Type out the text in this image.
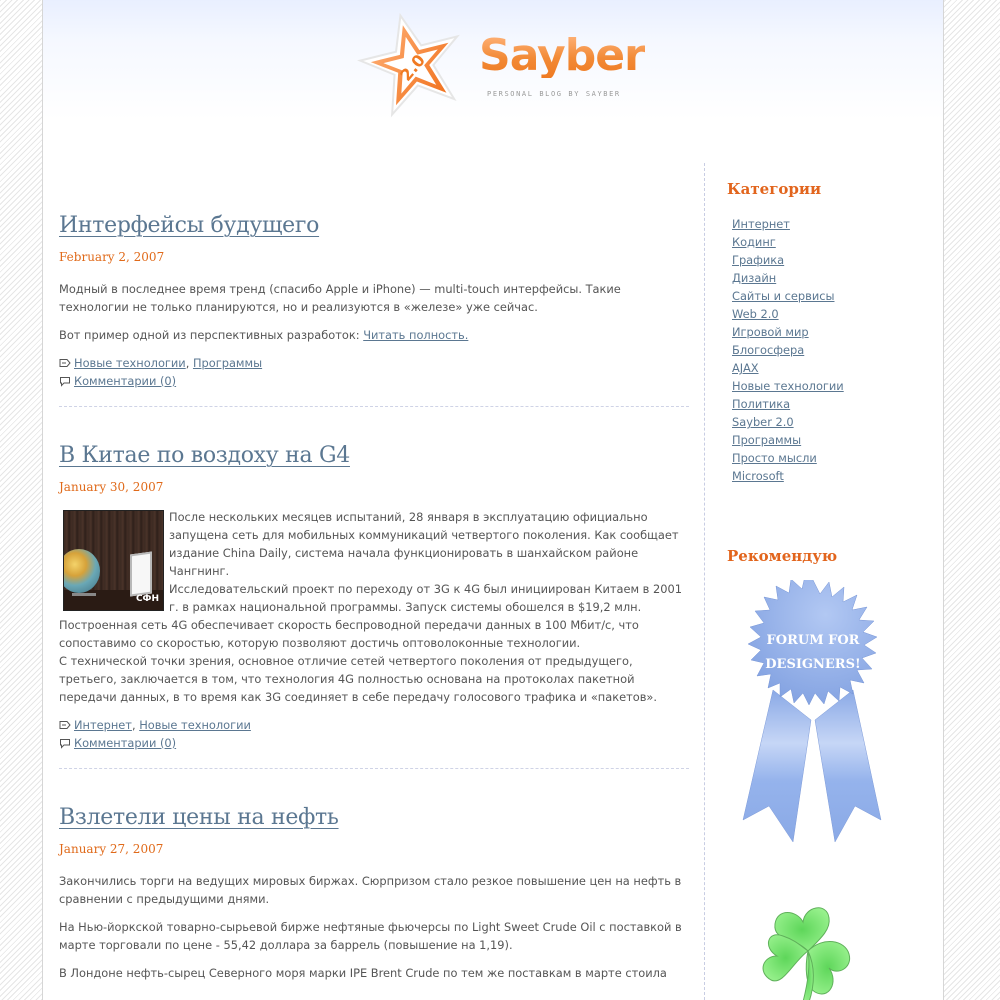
2.0 Sayber
PERSONAL BLOG BY SAYBER
Интерфейсы будущего
February 2, 2007

Модный в последнее время тренд (спасибо Apple и iPhone) — multi-touch интерфейсы. Такие технологии не только планируются, но и реализуются в «железе» уже сейчас.

Вот пример одной из перспективных разработок: Читать полность.

Новые технологии , Программы
Комментарии (0)
В Китае по воздоху на G4
January 30, 2007
СФН
После нескольких месяцев испытаний, 28 января в эксплуатацию официально запущена сеть для мобильных коммуникаций четвертого поколения. Как сообщает издание China Daily, система начала функционировать в шанхайском районе Чангнинг.
Исследовательский проект по переходу от 3G к 4G был инициирован Китаем в 2001 г. в рамках национальной программы. Запуск системы обошелся в $19,2 млн.
Построенная сеть 4G обеспечивает скорость беспроводной передачи данных в 100 Мбит/с, что сопоставимо со скоростью, которую позволяют достичь оптоволоконные технологии.
С технической точки зрения, основное отличие сетей четвертого поколения от предыдущего, третьего, заключается в том, что технология 4G полностью основана на протоколах пакетной передачи данных, в то время как 3G соединяет в себе передачу голосового трафика и «пакетов».
Интернет , Новые технологии
Комментарии (0)
Взлетели цены на нефть
January 27, 2007

Закончились торги на ведущих мировых биржах. Сюрпризом стало резкое повышение цен на нефть в сравнении с предыдущими днями.

На Нью-йоркской товарно-сырьевой бирже нефтяные фьючерсы по Light Sweet Crude Oil с поставкой в марте торговали по цене - 55,42 доллара за баррель (повышение на 1,19).

В Лондоне нефть-сырец Северного моря марки IPE Brent Crude по тем же поставкам в марте стоила

Категории
Интернет
Кодинг
Графика
Дизайн
Сайты и сервисы
Web 2.0
Игровой мир
Блогосфера
AJAX
Новые технологии
Политика
Sayber 2.0
Программы
Просто мысли
Microsoft
Рекомендую
FORUM FOR
DESIGNERS!
